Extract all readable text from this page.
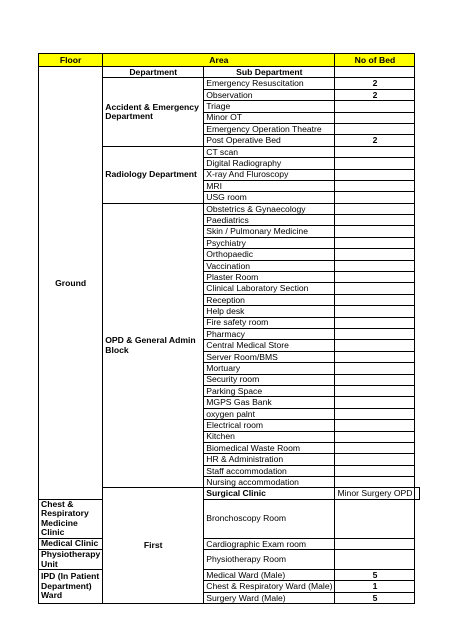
Floor	Area		No of Bed	
Ground	Department	Sub Department		
	Accident & Emergency Department	Emergency Resuscitation	2	
		Observation	2	
		Triage		
		Minor OT		
		Emergency Operation Theatre		
		Post Operative Bed	2	
	Radiology Department	CT scan		
		Digital Radiography		
		X-ray And Fluroscopy		
		MRI		
		USG room		
	OPD & General Admin Block	Obstetrics & Gynaecology		
		Paediatrics		
		Skin / Pulmonary Medicine		
		Psychiatry		
		Orthopaedic		
		Vaccination		
		Plaster Room		
		Clinical Laboratory Section		
		Reception		
		Help desk		
		Fire safety room		
		Pharmacy		
		Central Medical Store		
		Server Room/BMS		
		Mortuary		
		Security room		
		Parking Space		
		MGPS Gas Bank		
		oxygen palnt		
		Electrical room		
		Kitchen		
		Biomedical Waste Room		
		HR & Administration		
		Staff accommodation		
		Nursing accommodation		
	First	Surgical Clinic	Minor Surgery OPD	
Chest & Respiratory Medicine Clinic		Bronchoscopy Room		
Medical Clinic		Cardiographic Exam room		
Physiotherapy Unit		Physiotherapy Room		
IPD (In Patient Department) Ward		Medical Ward (Male)	5	
		Chest & Respiratory Ward (Male)	1	
		Surgery Ward (Male)	5	
